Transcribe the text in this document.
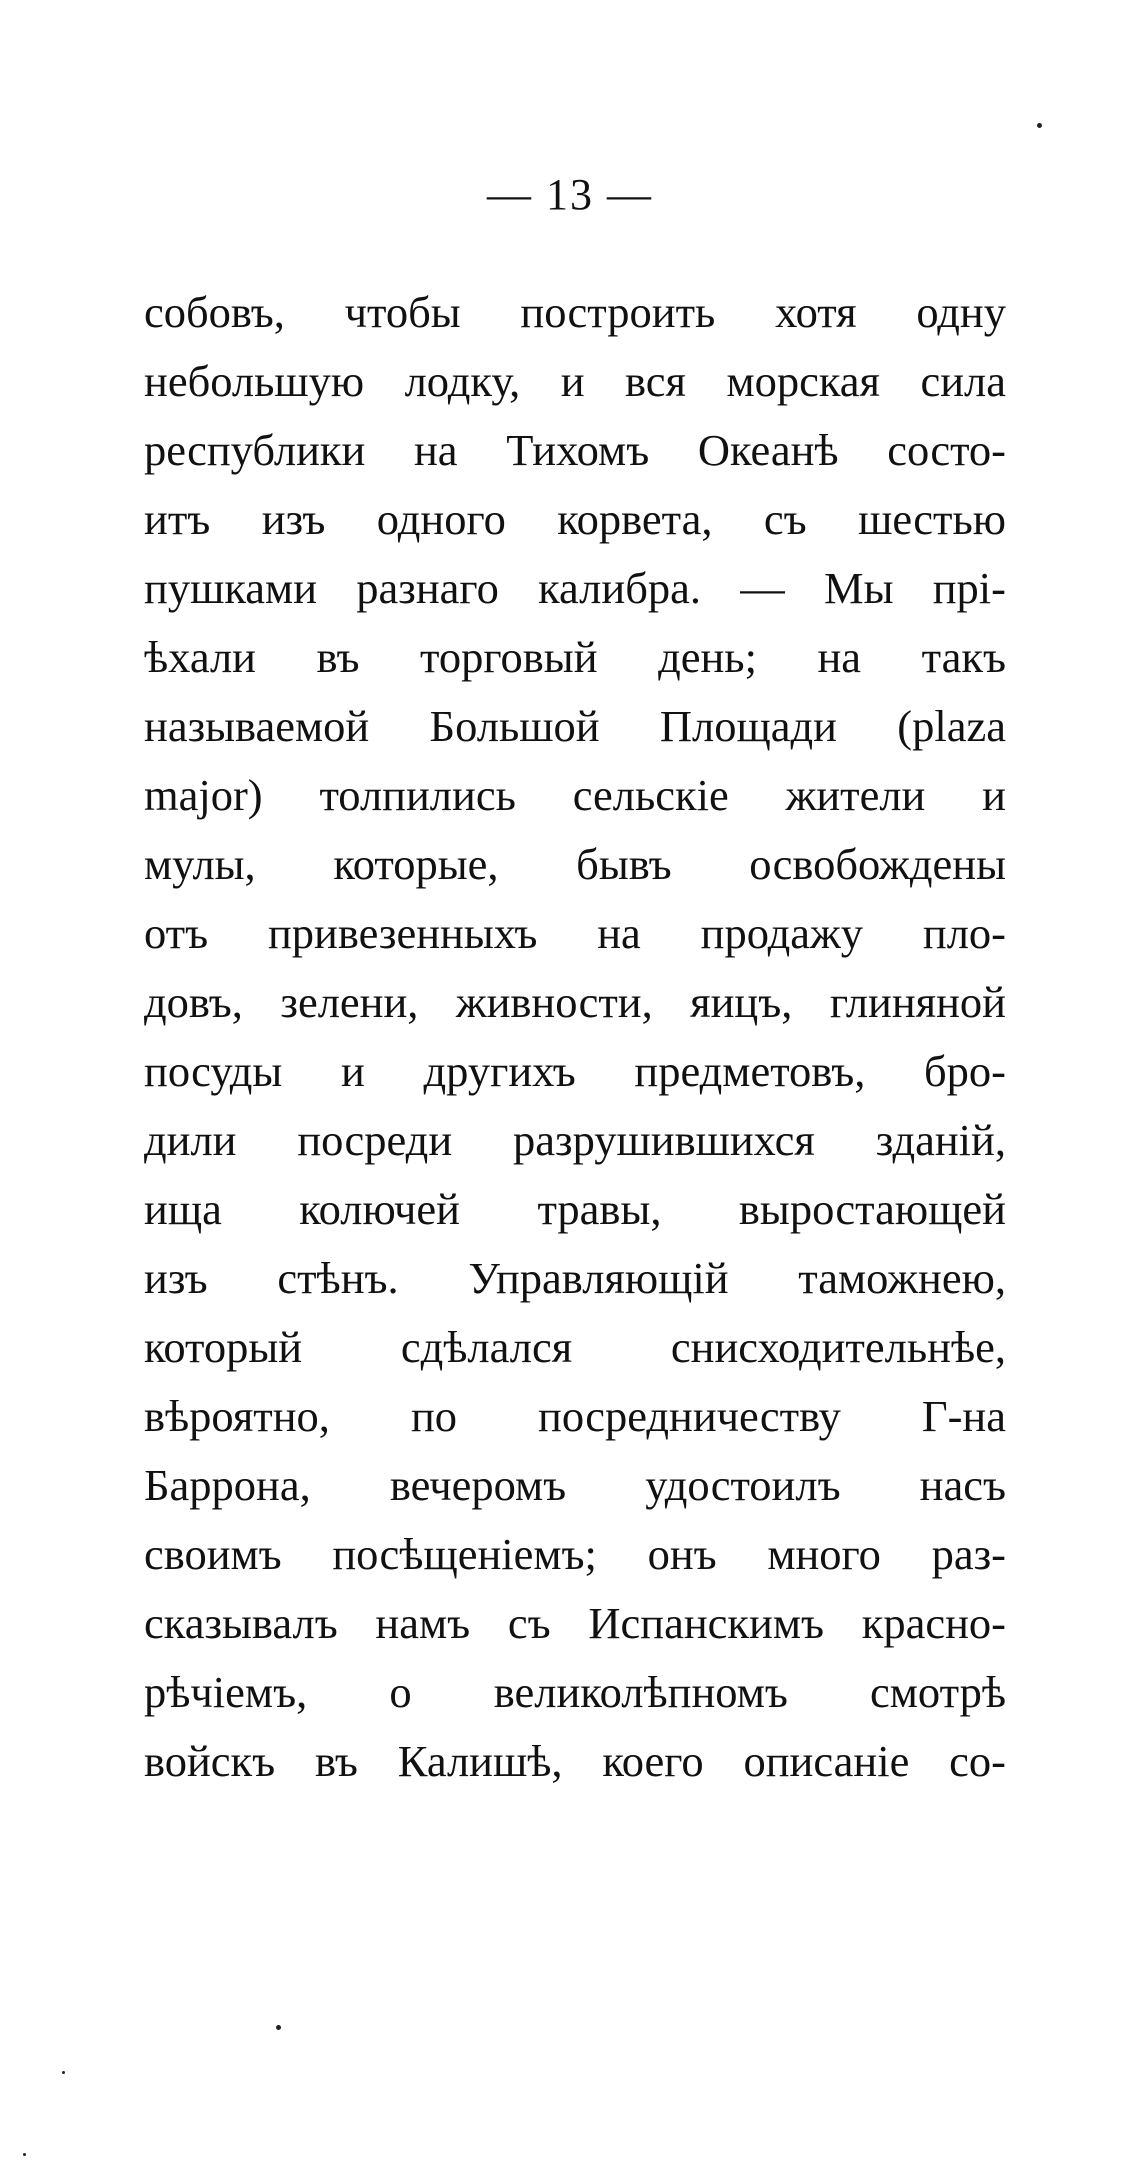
— 13 —
собовъ, чтобы построить хотя одну
небольшую лодку, и вся морская сила
республики на Тихомъ Океанѣ состо-
итъ изъ одного корвета, съ шестью
пушками разнаго калибра. — Мы прі-
ѣхали въ торговый день; на такъ
называемой Большой Площади (plaza
major) толпились сельскіе жители и
мулы, которые, бывъ освобождены
отъ привезенныхъ на продажу пло-
довъ, зелени, живности, яицъ, глиняной
посуды и другихъ предметовъ, бро-
дили посреди разрушившихся зданій,
ища колючей травы, выростающей
изъ стѣнъ. Управляющій таможнею,
который сдѣлался снисходительнѣе,
вѣроятно, по посредничеству Г-на
Баррона, вечеромъ удостоилъ насъ
своимъ посѣщеніемъ; онъ много раз-
сказывалъ намъ съ Испанскимъ красно-
рѣчіемъ, о великолѣпномъ смотрѣ
войскъ въ Калишѣ, коего описаніе со-
